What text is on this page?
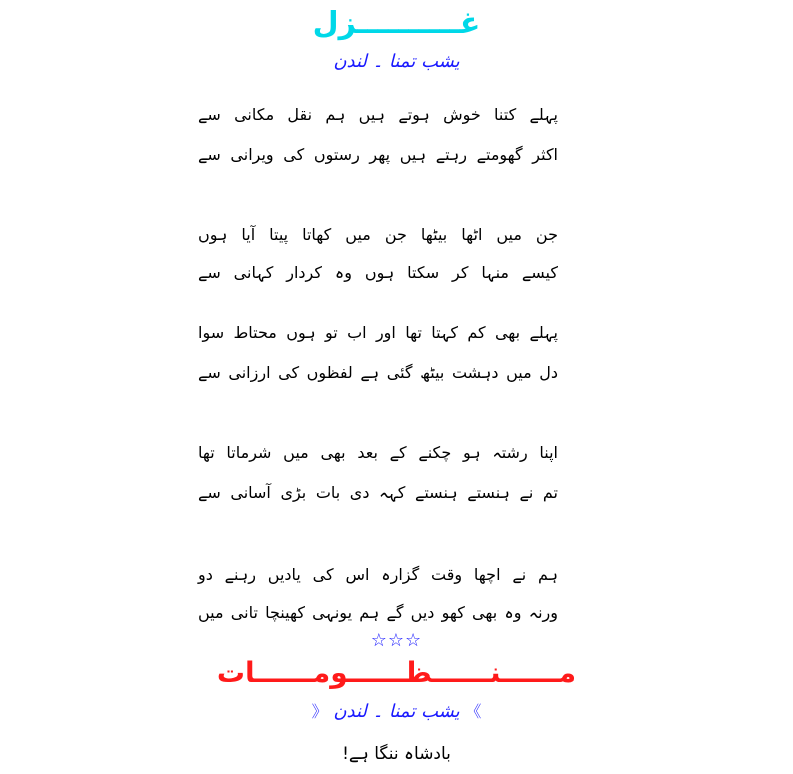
غــــــــــزل
یشب تمنا ۔ لندن
پہلے کتنا خوش ہوتے ہیں ہم نقل مکانی سے
اکثر گھومتے رہتے ہیں پھر رستوں کی ویرانی سے
جن میں اٹھا بیٹھا جن میں کھاتا پیتا آیا ہوں
کیسے منہا کر سکتا ہوں وہ کردار کہانی سے
پہلے بھی کم کہتا تھا اور اب تو ہوں محتاط سوا
دل میں دہشت بیٹھ گئی ہے لفظوں کی ارزانی سے
اپنا رشتہ ہو چکنے کے بعد بھی میں شرماتا تھا
تم نے ہنستے ہنستے کہہ دی بات بڑی آسانی سے
ہم نے اچھا وقت گزارہ اس کی یادیں رہنے دو
ورنہ وہ بھی کھو دیں گے ہم یونہی کھینچا تانی میں
☆☆☆
مــــــنــــــظــــــومــــــات
》 یشب تمنا ۔ لندن 《
بادشاہ ننگا ہے!
